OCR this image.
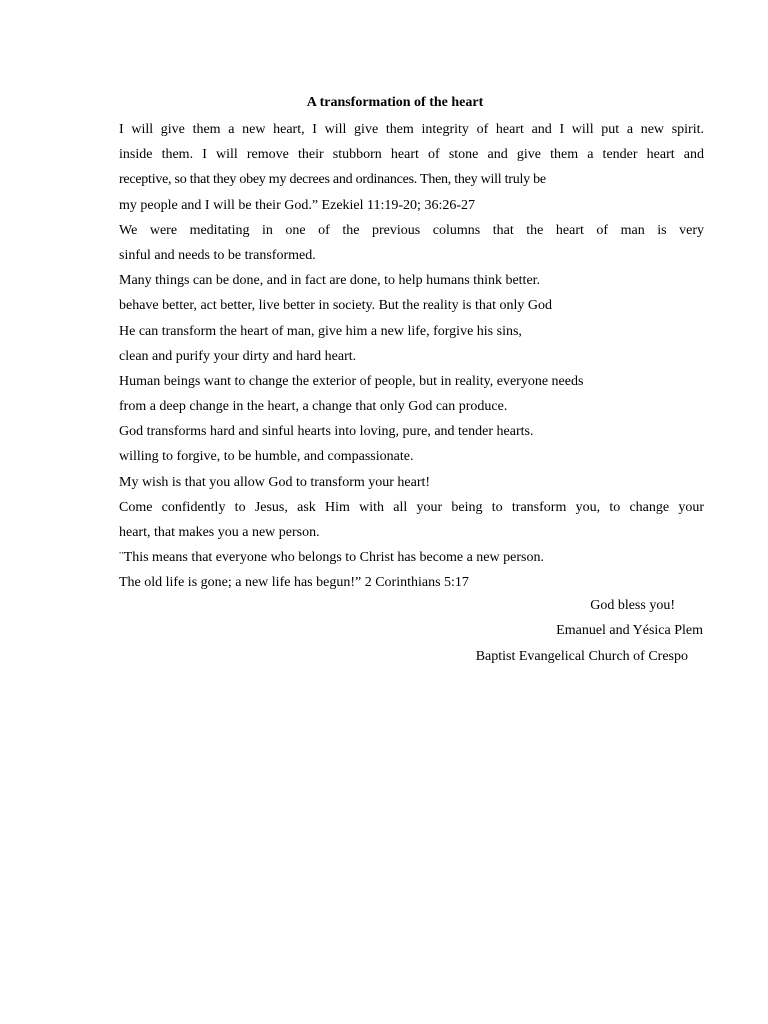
A transformation of the heart
I will give them a new heart, I will give them integrity of heart and I will put a new spirit.
inside them. I will remove their stubborn heart of stone and give them a tender heart and
receptive, so that they obey my decrees and ordinances. Then, they will truly be
my people and I will be their God.” Ezekiel 11:19-20; 36:26-27
We were meditating in one of the previous columns that the heart of man is very
sinful and needs to be transformed.
Many things can be done, and in fact are done, to help humans think better.
behave better, act better, live better in society. But the reality is that only God
He can transform the heart of man, give him a new life, forgive his sins,
clean and purify your dirty and hard heart.
Human beings want to change the exterior of people, but in reality, everyone needs
from a deep change in the heart, a change that only God can produce.
God transforms hard and sinful hearts into loving, pure, and tender hearts.
willing to forgive, to be humble, and compassionate.
My wish is that you allow God to transform your heart!
Come confidently to Jesus, ask Him with all your being to transform you, to change your
heart, that makes you a new person.
¨This means that everyone who belongs to Christ has become a new person.
The old life is gone; a new life has begun!” 2 Corinthians 5:17
God bless you!
Emanuel and Yésica Plem
Baptist Evangelical Church of Crespo
